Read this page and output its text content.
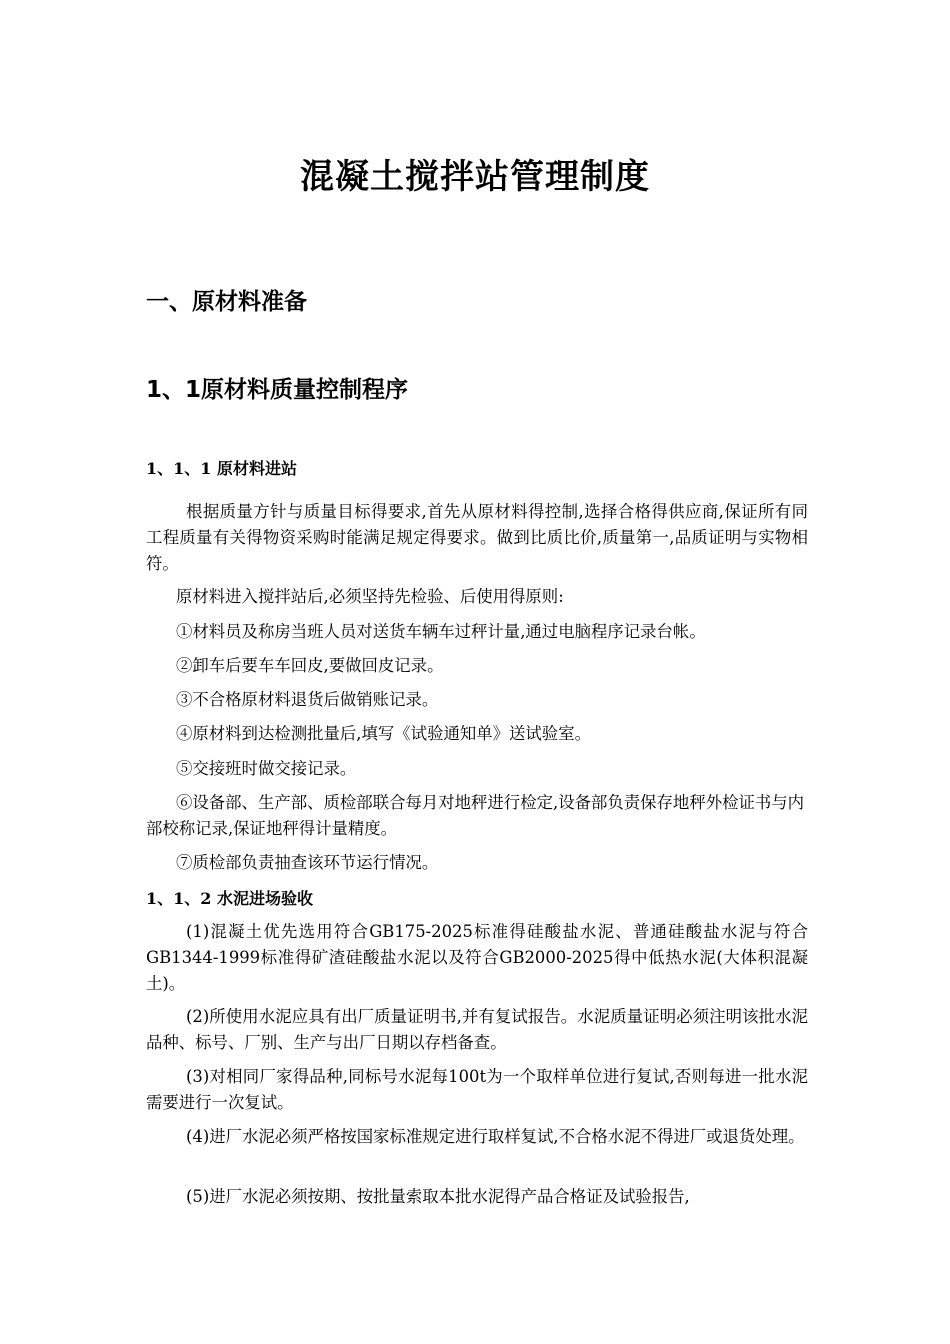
混凝土搅拌站管理制度
一、原材料准备
1、1原材料质量控制程序
1、1、1 原材料进站

根据质量方针与质量目标得要求,首先从原材料得控制,选择合格得供应商,保证所有同工程质量有关得物资采购时能满足规定得要求。做到比质比价,质量第一,品质证明与实物相符。

原材料进入搅拌站后,必须坚持先检验、后使用得原则:

①材料员及称房当班人员对送货车辆车过秤计量,通过电脑程序记录台帐。

②卸车后要车车回皮,要做回皮记录。

③不合格原材料退货后做销账记录。

④原材料到达检测批量后,填写《试验通知单》送试验室。

⑤交接班时做交接记录。

⑥设备部、生产部、质检部联合每月对地秤进行检定,设备部负责保存地秤外检证书与内部校称记录,保证地秤得计量精度。

⑦质检部负责抽查该环节运行情况。

1、1、2 水泥进场验收

(1)混凝土优先选用符合GB175-2025标准得硅酸盐水泥、普通硅酸盐水泥与符合GB1344-1999标准得矿渣硅酸盐水泥以及符合GB2000-2025得中低热水泥(大体积混凝土)。

(2)所使用水泥应具有出厂质量证明书,并有复试报告。水泥质量证明必须注明该批水泥品种、标号、厂别、生产与出厂日期以存档备查。

(3)对相同厂家得品种,同标号水泥每100t为一个取样单位进行复试,否则每进一批水泥需要进行一次复试。

(4)进厂水泥必须严格按国家标准规定进行取样复试,不合格水泥不得进厂或退货处理。

(5)进厂水泥必须按期、按批量索取本批水泥得产品合格证及试验报告,
